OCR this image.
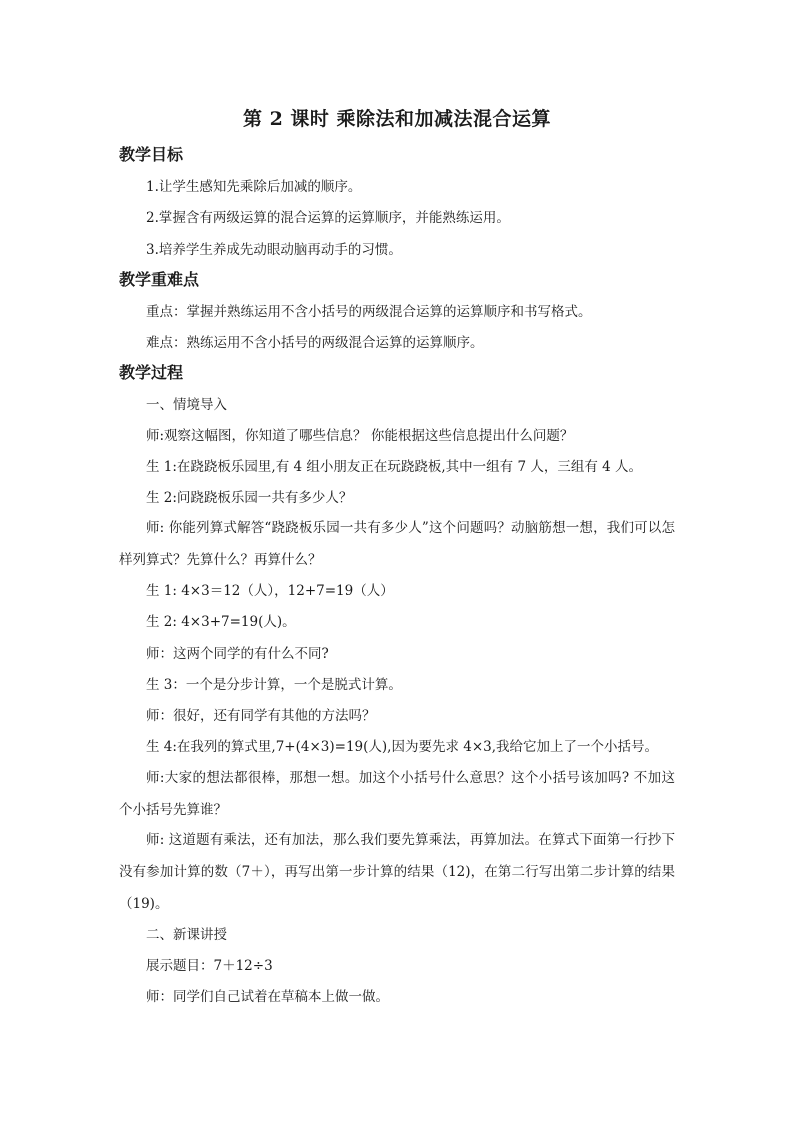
第 2 课时 乘除法和加减法混合运算
教学目标
1.让学生感知先乘除后加减的顺序。
2.掌握含有两级运算的混合运算的运算顺序，并能熟练运用。
3.培养学生养成先动眼动脑再动手的习惯。
教学重难点
重点：掌握并熟练运用不含小括号的两级混合运算的运算顺序和书写格式。
难点：熟练运用不含小括号的两级混合运算的运算顺序。
教学过程
一、情境导入
师:观察这幅图，你知道了哪些信息？ 你能根据这些信息提出什么问题？
生 1:在跷跷板乐园里,有 4 组小朋友正在玩跷跷板,其中一组有 7 人，三组有 4 人。
生 2:问跷跷板乐园一共有多少人？
师: 你能列算式解答“跷跷板乐园一共有多少人”这个问题吗？动脑筋想一想，我们可以怎样列算式？先算什么？再算什么？
生 1: 4×3＝12（人），12+7=19（人）
生 2: 4×3+7=19(人)。
师：这两个同学的有什么不同?
生 3：一个是分步计算，一个是脱式计算。
师：很好，还有同学有其他的方法吗？
生 4:在我列的算式里,7+(4×3)=19(人),因为要先求 4×3,我给它加上了一个小括号。
师:大家的想法都很棒，那想一想。加这个小括号什么意思？这个小括号该加吗? 不加这个小括号先算谁？
师: 这道题有乘法，还有加法，那么我们要先算乘法，再算加法。在算式下面第一行抄下没有参加计算的数（7＋），再写出第一步计算的结果（12)，在第二行写出第二步计算的结果（19)。
二、新课讲授
展示题目：7＋12÷3
师：同学们自己试着在草稿本上做一做。
